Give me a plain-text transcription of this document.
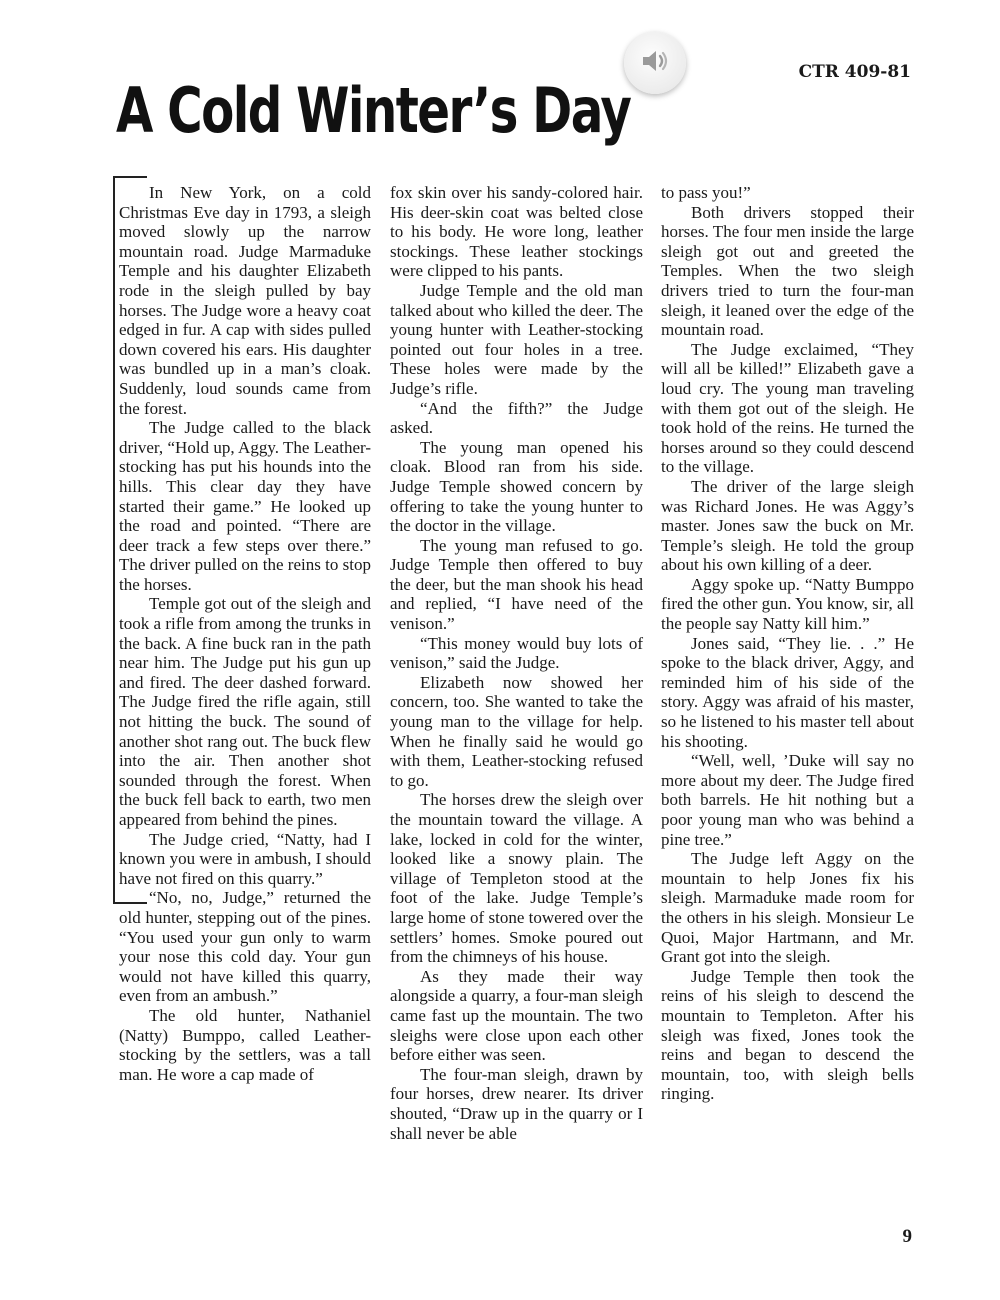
CTR 409-81
A Cold Winter’s Day

In New York, on a cold Christmas Eve day in 1793, a sleigh moved slowly up the narrow mountain road. Judge Marmaduke Temple and his daughter Elizabeth rode in the sleigh pulled by bay horses. The Judge wore a heavy coat edged in fur. A cap with sides pulled down covered his ears. His daughter was bundled up in a man’s cloak. Suddenly, loud sounds came from the forest.

The Judge called to the black driver, “Hold up, Aggy. The Leather-stocking has put his hounds into the hills. This clear day they have started their game.” He looked up the road and pointed. “There are deer track a few steps over there.” The driver pulled on the reins to stop the horses.

Temple got out of the sleigh and took a rifle from among the trunks in the back. A fine buck ran in the path near him. The Judge put his gun up and fired. The deer dashed forward. The Judge fired the rifle again, still not hitting the buck. The sound of another shot rang out. The buck flew into the air. Then another shot sounded through the forest. When the buck fell back to earth, two men appeared from behind the pines.

The Judge cried, “Natty, had I known you were in ambush, I should have not fired on this quarry.”

“No, no, Judge,” returned the old hunter, stepping out of the pines. “You used your gun only to warm your nose this cold day. Your gun would not have killed this quarry, even from an ambush.”

The old hunter, Nathaniel (Natty) Bumppo, called Leather-stocking by the settlers, was a tall man. He wore a cap made of

fox skin over his sandy-colored hair. His deer-skin coat was belted close to his body. He wore long, leather stockings. These leather stockings were clipped to his pants.

Judge Temple and the old man talked about who killed the deer. The young hunter with Leather-stocking pointed out four holes in a tree. These holes were made by the Judge’s rifle.

“And the fifth?” the Judge asked.

The young man opened his cloak. Blood ran from his side. Judge Temple showed concern by offering to take the young hunter to the doctor in the village.

The young man refused to go. Judge Temple then offered to buy the deer, but the man shook his head and replied, “I have need of the venison.”

“This money would buy lots of venison,” said the Judge.

Elizabeth now showed her concern, too. She wanted to take the young man to the village for help. When he finally said he would go with them, Leather-stocking refused to go.

The horses drew the sleigh over the mountain toward the village. A lake, locked in cold for the winter, looked like a snowy plain. The village of Templeton stood at the foot of the lake. Judge Temple’s large home of stone towered over the settlers’ homes. Smoke poured out from the chimneys of his house.

As they made their way alongside a quarry, a four-man sleigh came fast up the mountain. The two sleighs were close upon each other before either was seen.

The four-man sleigh, drawn by four horses, drew nearer. Its driver shouted, “Draw up in the quarry or I shall never be able

to pass you!”

Both drivers stopped their horses. The four men inside the large sleigh got out and greeted the Temples. When the two sleigh drivers tried to turn the four-man sleigh, it leaned over the edge of the mountain road.

The Judge exclaimed, “They will all be killed!” Elizabeth gave a loud cry. The young man traveling with them got out of the sleigh. He took hold of the reins. He turned the horses around so they could descend to the village.

The driver of the large sleigh was Richard Jones. He was Aggy’s master. Jones saw the buck on Mr. Temple’s sleigh. He told the group about his own killing of a deer.

Aggy spoke up. “Natty Bumppo fired the other gun. You know, sir, all the people say Natty kill him.”

Jones said, “They lie. . .” He spoke to the black driver, Aggy, and reminded him of his side of the story. Aggy was afraid of his master, so he listened to his master tell about his shooting.

“Well, well, ’Duke will say no more about my deer. The Judge fired both barrels. He hit nothing but a poor young man who was behind a pine tree.”

The Judge left Aggy on the mountain to help Jones fix his sleigh. Marmaduke made room for the others in his sleigh. Monsieur Le Quoi, Major Hartmann, and Mr. Grant got into the sleigh.

Judge Temple then took the reins of his sleigh to descend the mountain to Templeton. After his sleigh was fixed, Jones took the reins and began to descend the mountain, too, with sleigh bells ringing.

9
